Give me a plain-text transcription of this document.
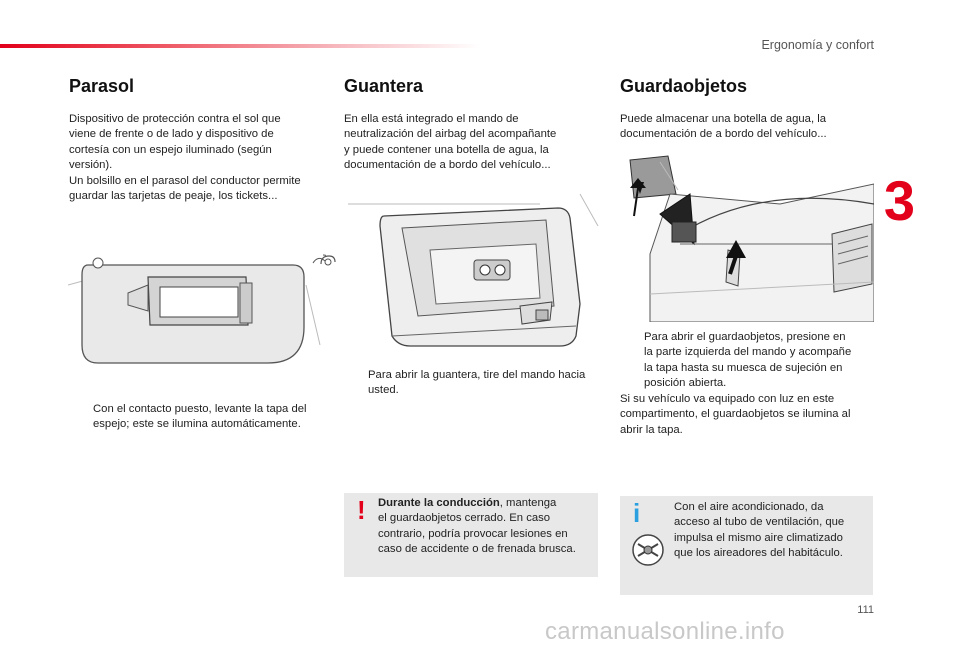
Ergonomía y confort
3
Parasol
Dispositivo de protección contra el sol que
viene de frente o de lado y dispositivo de
cortesía con un espejo iluminado (según
versión).
Un bolsillo en el parasol del conductor permite
guardar las tarjetas de peaje, los tickets...
Con el contacto puesto, levante la tapa del
espejo; este se ilumina automáticamente.
Guantera
En ella está integrado el mando de
neutralización del airbag del acompañante
y puede contener una botella de agua, la
documentación de a bordo del vehículo...
Para abrir la guantera, tire del mando hacia
usted.
! Durante la conducción, mantenga
el guardaobjetos cerrado. En caso
contrario, podría provocar lesiones en
caso de accidente o de frenada brusca.
Guardaobjetos
Puede almacenar una botella de agua, la
documentación de a bordo del vehículo...
Para abrir el guardaobjetos, presione en
la parte izquierda del mando y acompañe
la tapa hasta su muesca de sujeción en
posición abierta.
Si su vehículo va equipado con luz en este
compartimento, el guardaobjetos se ilumina al
abrir la tapa.
i	Con el aire acondicionado, da
acceso al tubo de ventilación, que
impulsa el mismo aire climatizado
que los aireadores del habitáculo.
111
carmanualsonline.info
